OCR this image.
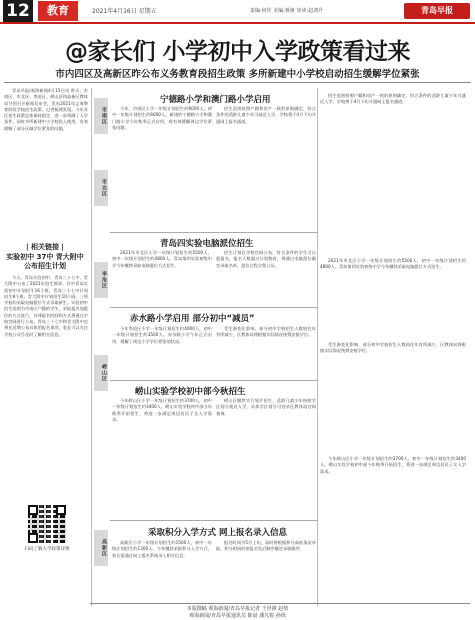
12	教育	2021年4月16日 星期五	责编:何佳 美编:蒋娅 审读:赵鸿升	青岛早报
@家长们 小学初中入学政策看过来
市内四区及高新区昨公布义务教育段招生政策 多所新建中小学校启动招生缓解学位紧张

青岛早报/观海新闻4月15日讯 昨天，市南区、市北区、李沧区、崂山区和高新区教体局分别召开新闻发布会，发布2021年义务教育阶段学校招生政策。记者梳理发现，今年各区招生政策总体保持稳定，进一步明确了入学条件，同时多所新建中小学校投入使用，有效缓解了部分区域学位紧张的问题。

| 相关链接 |
实验初中 37中 青大附中公布招生计划

今天，青岛实验初中、青岛三十七中、青大附中公布了2021年招生简章。其中青岛实验初中计划招生16个班，青岛三十七中计划招生8个班。青大附中计划招生10个班。三所学校均采取电脑派位方式录取新生。实验初中招生范围为市南区户籍的学生，采取报名加派位的方式进行，具体报名时间和方式将通过学校官网进行公布。青岛三十七中和青大附中也将在近期公布具体的报名事项，家长可以关注学校公众号及时了解相关信息。

扫码了解入学政策详情
市南区
市北区
李沧区
崂山区
高新区
宁德路小学和澳门路小学启用

今年，市南区小学一年级计划招生约6000人，初中一年级计划招生约6600人。新建的宁德路小学和澳门路小学今年秋季正式启用，将有效缓解周边学位紧张问题。

招生范围按照户籍和房产一致的原则确定，符合条件的适龄儿童少年可就近入学。学校将于4月下旬开通网上报名通道。

招生范围按照户籍和房产一致的原则确定，符合条件的适龄儿童少年可就近入学。学校将于4月下旬开通网上报名通道。

青岛四实验电脑派位招生

2021年市北区小学一年级计划招生约5500人，初中一年级计划招生约4800人。青岛第四实验初级中学今年继续采取电脑派位方式招生。

招生计划在学校官网公布，符合条件的学生可自愿报名，报名人数超过计划数时，将通过电脑派位确定录取名单，派位过程全程公证。

2021年市北区小学一年级计划招生约5500人，初中一年级计划招生约4800人。青岛第四实验初级中学今年继续采取电脑派位方式招生。

赤水路小学启用 部分初中“减员”

今年李沧区小学一年级计划招生约4000人，初中一年级计划招生约3500人。赤水路小学今年正式启用，缓解了周边小学学位紧张的状况。

受生源变化影响，部分初中学校招生人数较往年有所减少，区教体局将根据实际情况统筹安排学位。

受生源变化影响，部分初中学校招生人数较往年有所减少，区教体局将根据实际情况统筹安排学位。

崂山实验学校初中部今秋招生

今年崂山区小学一年级计划招生约3700人，初中一年级计划招生约3400人。崂山实验学校初中部今年秋季开始招生，将进一步满足周边居民子女入学需求。

崂山区继续实行划片招生，适龄儿童少年按照学区划分就近入学，具体学区划分可登录区教体局官网查询。

今年崂山区小学一年级计划招生约3700人，初中一年级计划招生约3400人。崂山实验学校初中部今年秋季开始招生，将进一步满足周边居民子女入学需求。

采取积分入学方式 网上报名录入信息

高新区小学一年级计划招生约1500人，初中一年级计划招生约1300人。今年继续采取积分入学方式，家长需通过网上报名系统录入相关信息。

报名时间为5月上旬，届时将根据积分高低依次录取，积分相同的按报名先后顺序确定录取顺序。

本版撰稿 观海新闻/青岛早报记者 王世锋 赵敖
观海新闻/青岛早报通讯员 陈晨 潘凡锐 孙烁
